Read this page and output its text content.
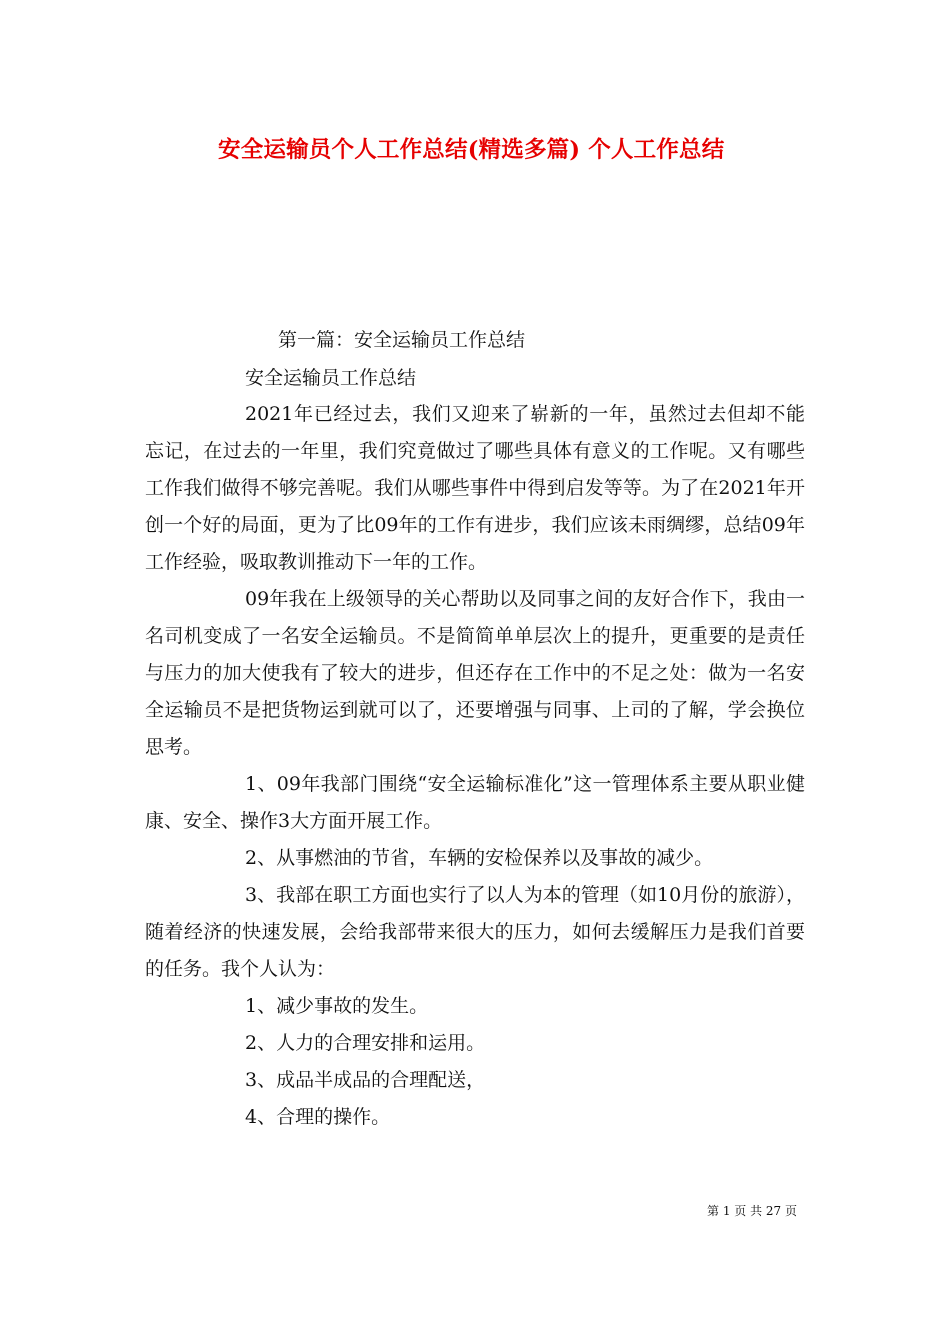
安全运输员个人工作总结(精选多篇) 个人工作总结
第一篇：安全运输员工作总结
安全运输员工作总结

2021年已经过去，我们又迎来了崭新的一年，虽然过去但却不能忘记，在过去的一年里，我们究竟做过了哪些具体有意义的工作呢。又有哪些工作我们做得不够完善呢。我们从哪些事件中得到启发等等。为了在2021年开创一个好的局面，更为了比09年的工作有进步，我们应该未雨绸缪，总结09年工作经验，吸取教训推动下一年的工作。

09年我在上级领导的关心帮助以及同事之间的友好合作下，我由一名司机变成了一名安全运输员。不是简简单单层次上的提升，更重要的是责任与压力的加大使我有了较大的进步，但还存在工作中的不足之处：做为一名安全运输员不是把货物运到就可以了，还要增强与同事、上司的了解，学会换位思考。

1、09年我部门围绕“安全运输标准化”这一管理体系主要从职业健康、安全、操作3大方面开展工作。

2、从事燃油的节省，车辆的安检保养以及事故的减少。

3、我部在职工方面也实行了以人为本的管理（如10月份的旅游），随着经济的快速发展，会给我部带来很大的压力，如何去缓解压力是我们首要的任务。我个人认为：

1、减少事故的发生。

2、人力的合理安排和运用。

3、成品半成品的合理配送，

4、合理的操作。

第 1 页 共 27 页
